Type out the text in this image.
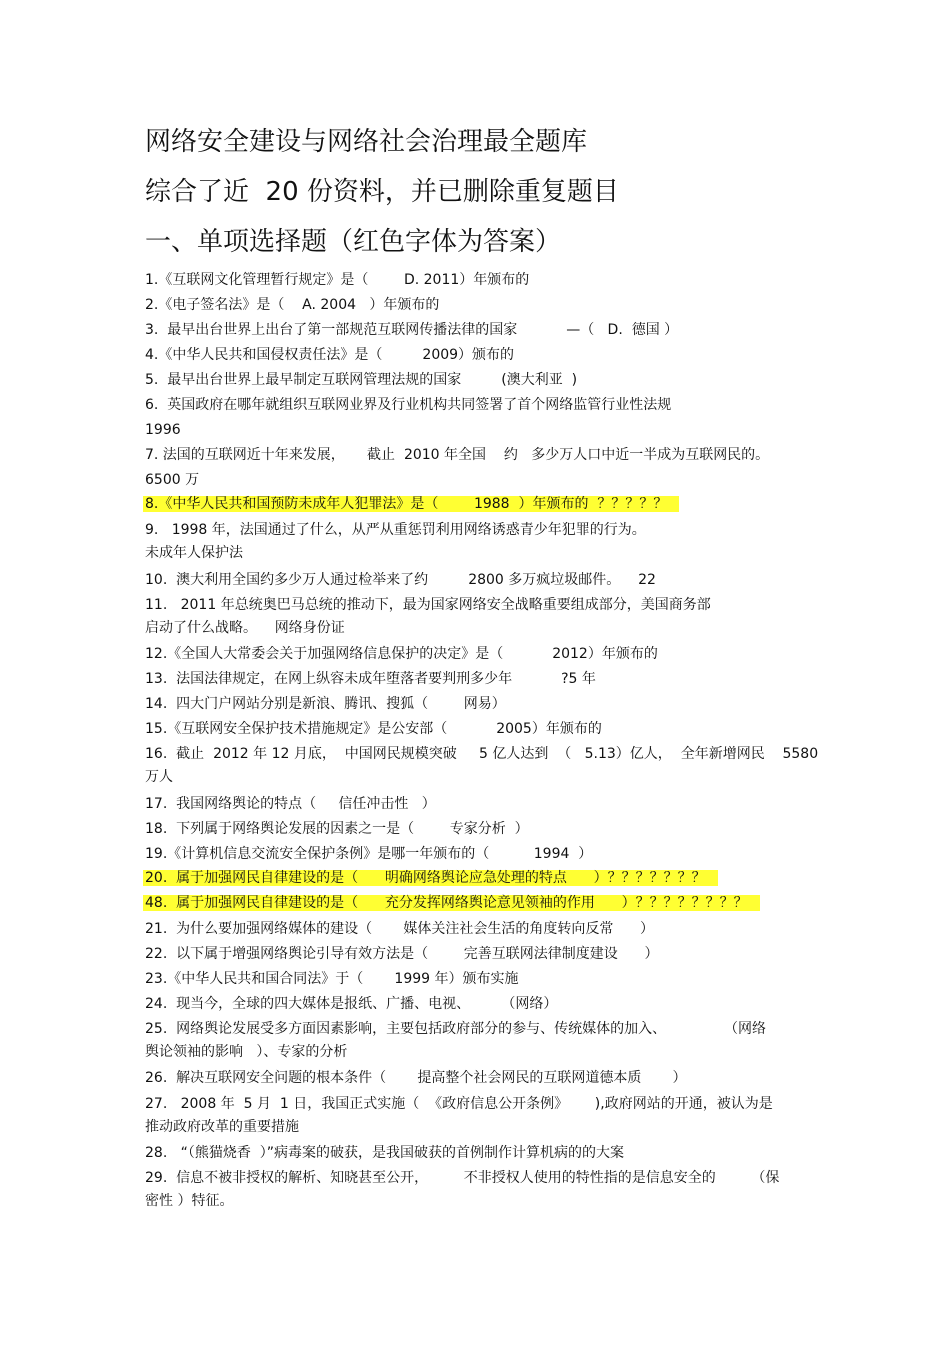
网络安全建设与网络社会治理最全题库
综合了近  20 份资料，并已删除重复题目
一、单项选择题（红色字体为答案）
1.《互联网文化管理暂行规定》是（        D. 2011）年颁布的
2.《电子签名法》是（    A. 2004   ）年颁布的
3.  最早出台世界上出台了第一部规范互联网传播法律的国家           —（   D.  德国 ）
4.《中华人民共和国侵权责任法》是（         2009）颁布的
5.  最早出台世界上最早制定互联网管理法规的国家         (澳大利亚  )
6.  英国政府在哪年就组织互联网业界及行业机构共同签署了首个网络监管行业性法规
1996
7. 法国的互联网近十年来发展，     截止  2010 年全国    约   多少万人口中近一半成为互联网民的。
6500 万
8.《中华人民共和国预防未成年人犯罪法》是（        1988  ）年颁布的  ？？？？？
9.   1998 年，法国通过了什么，从严从重惩罚利用网络诱惑青少年犯罪的行为。
未成年人保护法
10.  澳大利用全国约多少万人通过检举来了约         2800 多万疯垃圾邮件。    22
11.   2011 年总统奥巴马总统的推动下，最为国家网络安全战略重要组成部分，美国商务部
启动了什么战略。    网络身份证
12.《全国人大常委会关于加强网络信息保护的决定》是（           2012）年颁布的
13.  法国法律规定，在网上纵容未成年堕落者要判刑多少年           ?5 年
14.  四大门户网站分别是新浪、腾讯、搜狐（        网易）
15.《互联网安全保护技术措施规定》是公安部（           2005）年颁布的
16.  截止  2012 年 12 月底，  中国网民规模突破     5 亿人达到  （   5.13）亿人，  全年新增网民    5580
万人
17.  我国网络舆论的特点（     信任冲击性   ）
18.  下列属于网络舆论发展的因素之一是（        专家分析  ）
19.《计算机信息交流安全保护条例》是哪一年颁布的（          1994  ）
20.  属于加强网民自律建设的是（      明确网络舆论应急处理的特点      ）？？？？？？？
48.  属于加强网民自律建设的是（      充分发挥网络舆论意见领袖的作用      ）？？？？？？？？
21.  为什么要加强网络媒体的建设（       媒体关注社会生活的角度转向反常      ）
22.  以下属于增强网络舆论引导有效方法是（        完善互联网法律制度建设      ）
23.《中华人民共和国合同法》于（       1999 年）颁布实施
24.  现当今，全球的四大媒体是报纸、广播、电视、       （网络）
25.  网络舆论发展受多方面因素影响，主要包括政府部分的参与、传统媒体的加入、             （网络
舆论领袖的影响   ）、专家的分析
26.  解决互联网安全问题的根本条件（       提高整个社会网民的互联网道德本质       ）
27.   2008 年  5 月  1 日，我国正式实施（  《政府信息公开条例》      ),政府网站的开通，被认为是
推动政府改革的重要措施
28.   “（熊猫烧香  ）”病毒案的破获，是我国破获的首例制作计算机病的的大案
29.  信息不被非授权的解析、知晓甚至公开，        不非授权人使用的特性指的是信息安全的        （保
密性 ）特征。
